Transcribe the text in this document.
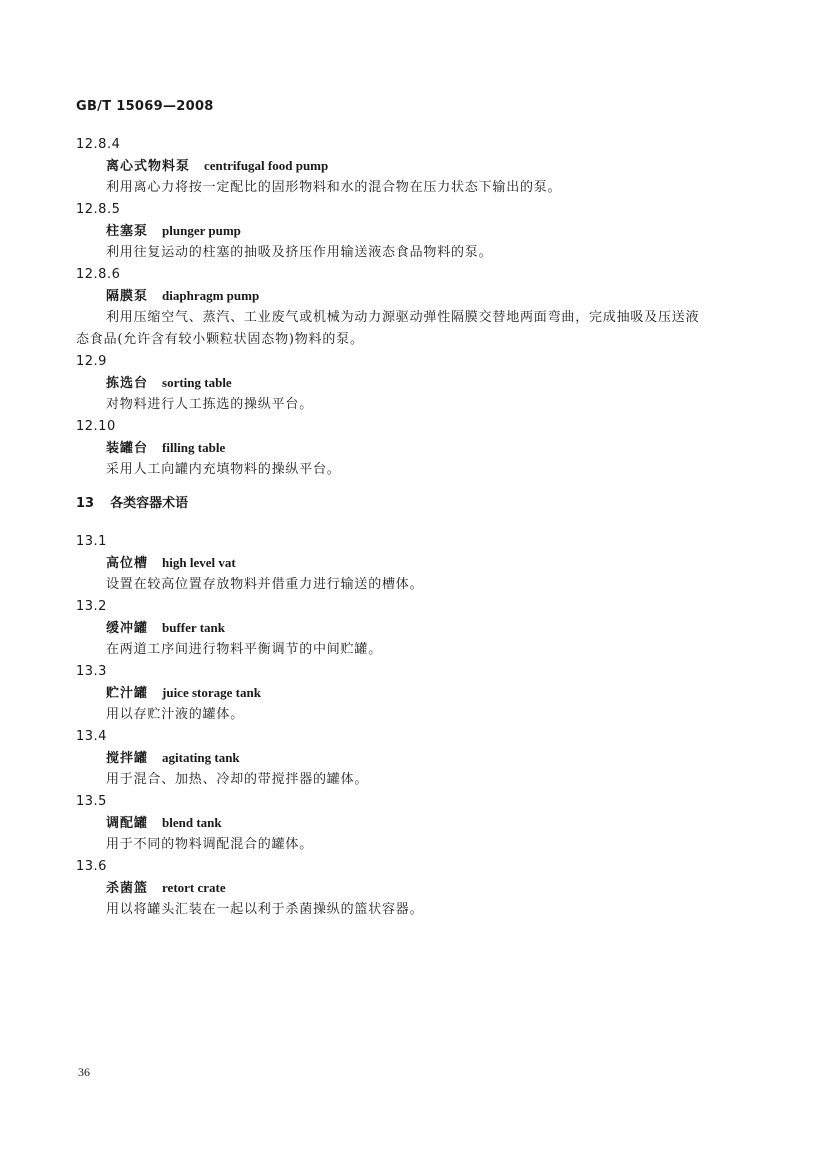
GB/T 15069—2008
12.8.4
离心式物料泵 centrifugal food pump
利用离心力将按一定配比的固形物料和水的混合物在压力状态下输出的泵。
12.8.5
柱塞泵 plunger pump
利用往复运动的柱塞的抽吸及挤压作用输送液态食品物料的泵。
12.8.6
隔膜泵 diaphragm pump
利用压缩空气、蒸汽、工业废气或机械为动力源驱动弹性隔膜交替地两面弯曲，完成抽吸及压送液
态食品(允许含有较小颗粒状固态物)物料的泵。
12.9
拣选台 sorting table
对物料进行人工拣选的操纵平台。
12.10
装罐台 filling table
采用人工向罐内充填物料的操纵平台。
13 各类容器术语
13.1
高位槽 high level vat
设置在较高位置存放物料并借重力进行输送的槽体。
13.2
缓冲罐 buffer tank
在两道工序间进行物料平衡调节的中间贮罐。
13.3
贮汁罐 juice storage tank
用以存贮汁液的罐体。
13.4
搅拌罐 agitating tank
用于混合、加热、冷却的带搅拌器的罐体。
13.5
调配罐 blend tank
用于不同的物料调配混合的罐体。
13.6
杀菌篮 retort crate
用以将罐头汇装在一起以利于杀菌操纵的篮状容器。
36
